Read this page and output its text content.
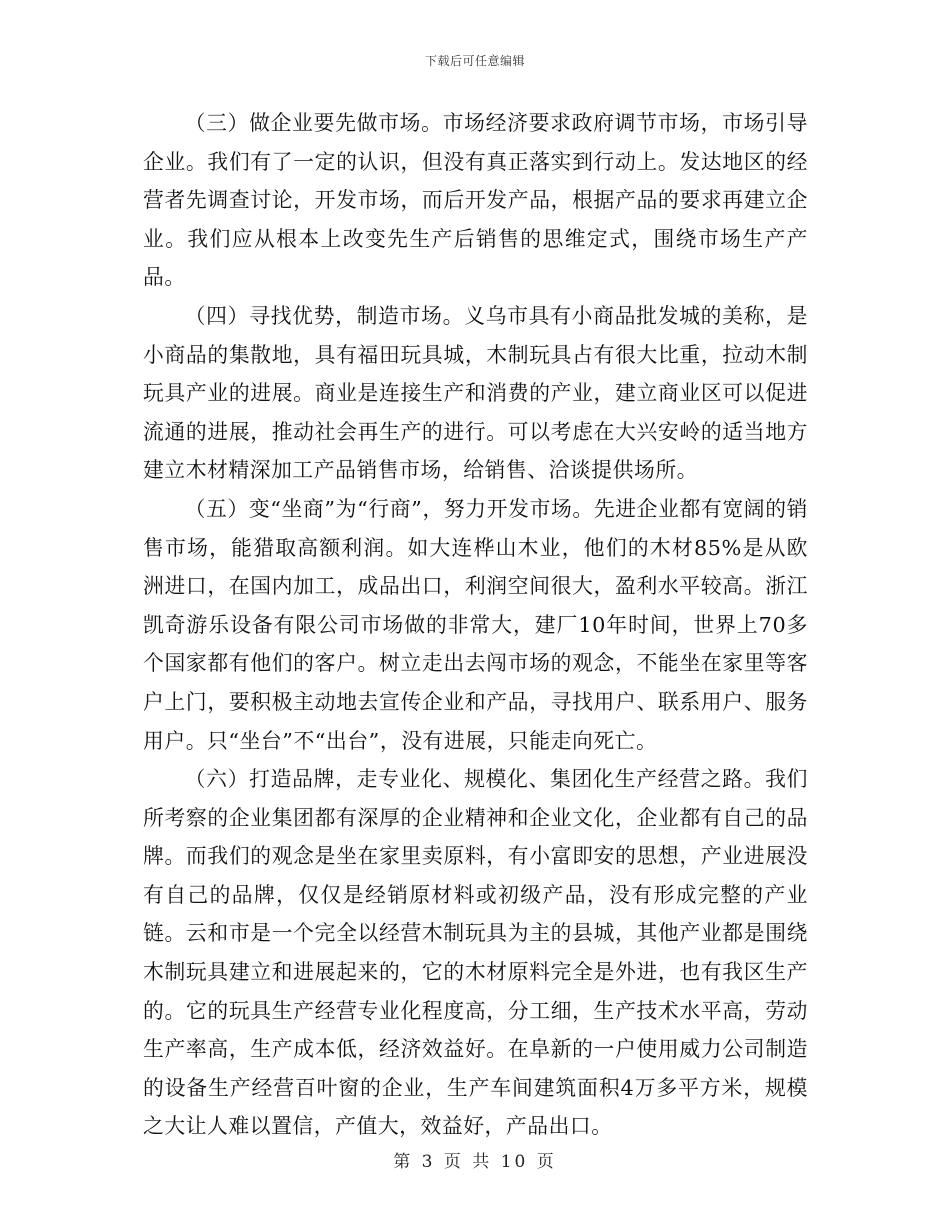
下载后可任意编辑

（三）做企业要先做市场。市场经济要求政府调节市场，市场引导企业。我们有了一定的认识，但没有真正落实到行动上。发达地区的经营者先调查讨论，开发市场，而后开发产品，根据产品的要求再建立企业。我们应从根本上改变先生产后销售的思维定式，围绕市场生产产品。

（四）寻找优势，制造市场。义乌市具有小商品批发城的美称，是小商品的集散地，具有福田玩具城，木制玩具占有很大比重，拉动木制玩具产业的进展。商业是连接生产和消费的产业，建立商业区可以促进流通的进展，推动社会再生产的进行。可以考虑在大兴安岭的适当地方建立木材精深加工产品销售市场，给销售、洽谈提供场所。

（五）变“坐商”为“行商”，努力开发市场。先进企业都有宽阔的销售市场，能猎取高额利润。如大连桦山木业，他们的木材85%是从欧洲进口，在国内加工，成品出口，利润空间很大，盈利水平较高。浙江凯奇游乐设备有限公司市场做的非常大，建厂10年时间，世界上70多个国家都有他们的客户。树立走出去闯市场的观念，不能坐在家里等客户上门，要积极主动地去宣传企业和产品，寻找用户、联系用户、服务用户。只“坐台”不“出台”，没有进展，只能走向死亡。

（六）打造品牌，走专业化、规模化、集团化生产经营之路。我们所考察的企业集团都有深厚的企业精神和企业文化，企业都有自己的品牌。而我们的观念是坐在家里卖原料，有小富即安的思想，产业进展没有自己的品牌，仅仅是经销原材料或初级产品，没有形成完整的产业链。云和市是一个完全以经营木制玩具为主的县城，其他产业都是围绕木制玩具建立和进展起来的，它的木材原料完全是外进，也有我区生产的。它的玩具生产经营专业化程度高，分工细，生产技术水平高，劳动生产率高，生产成本低，经济效益好。在阜新的一户使用威力公司制造的设备生产经营百叶窗的企业，生产车间建筑面积4万多平方米，规模之大让人难以置信，产值大，效益好，产品出口。

第 3 页 共 10 页
